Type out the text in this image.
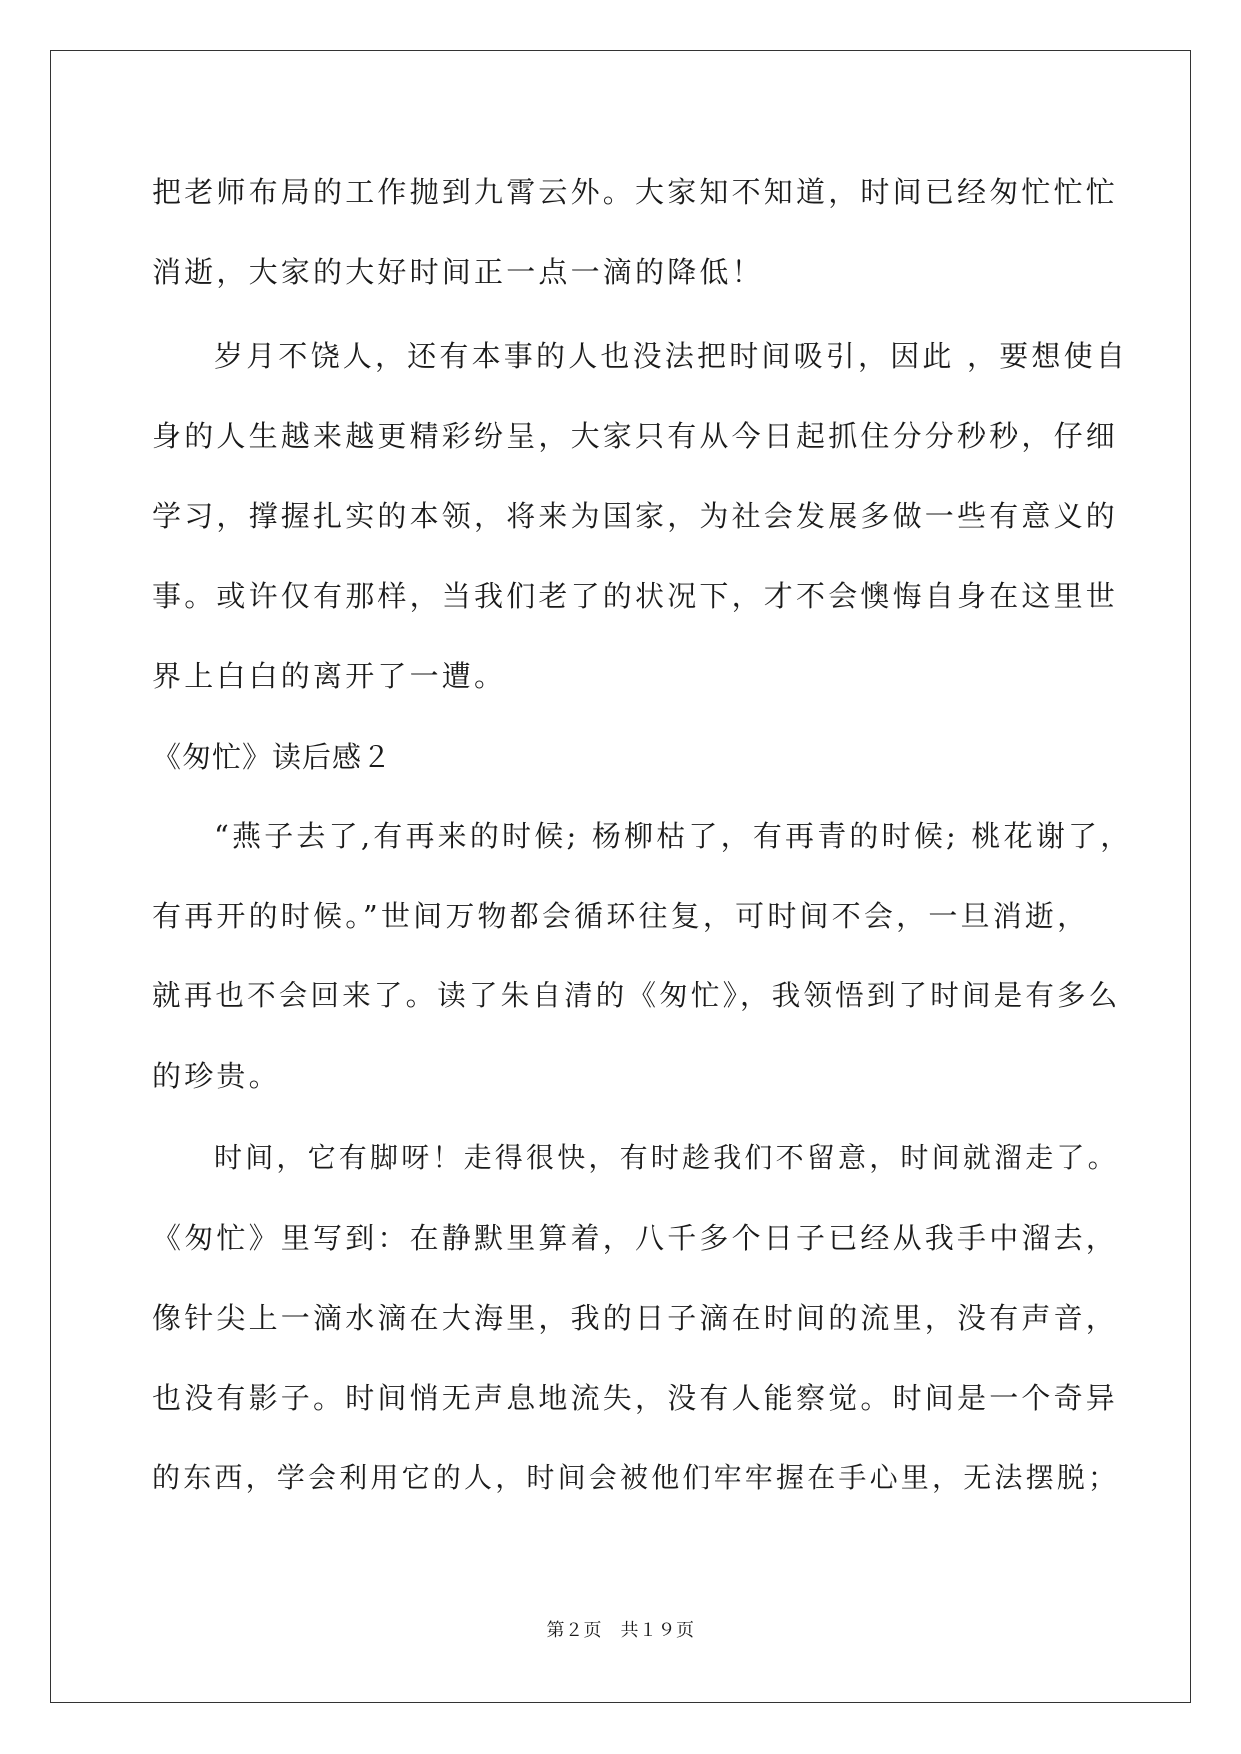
把老师布局的工作抛到九霄云外。大家知不知道，时间已经匆忙忙忙
消逝，大家的大好时间正一点一滴的降低！
岁月不饶人，还有本事的人也没法把时间吸引，因此 ，要想使自
身的人生越来越更精彩纷呈，大家只有从今日起抓住分分秒秒，仔细
学习，撑握扎实的本领，将来为国家，为社会发展多做一些有意义的
事。或许仅有那样，当我们老了的状况下，才不会懊悔自身在这里世
界上白白的离开了一遭。
《匆忙》读后感２
“燕子去了,有再来的时候; 杨柳枯了，有再青的时候; 桃花谢了，
有再开的时候。”世间万物都会循环往复，可时间不会，一旦消逝，
就再也不会回来了。读了朱自清的《匆忙》，我领悟到了时间是有多么
的珍贵。
时间，它有脚呀！走得很快，有时趁我们不留意，时间就溜走了。
《匆忙》里写到：在静默里算着，八千多个日子已经从我手中溜去，
像针尖上一滴水滴在大海里，我的日子滴在时间的流里，没有声音，
也没有影子。时间悄无声息地流失，没有人能察觉。时间是一个奇异
的东西，学会利用它的人，时间会被他们牢牢握在手心里，无法摆脱；
第２页　共１９页
